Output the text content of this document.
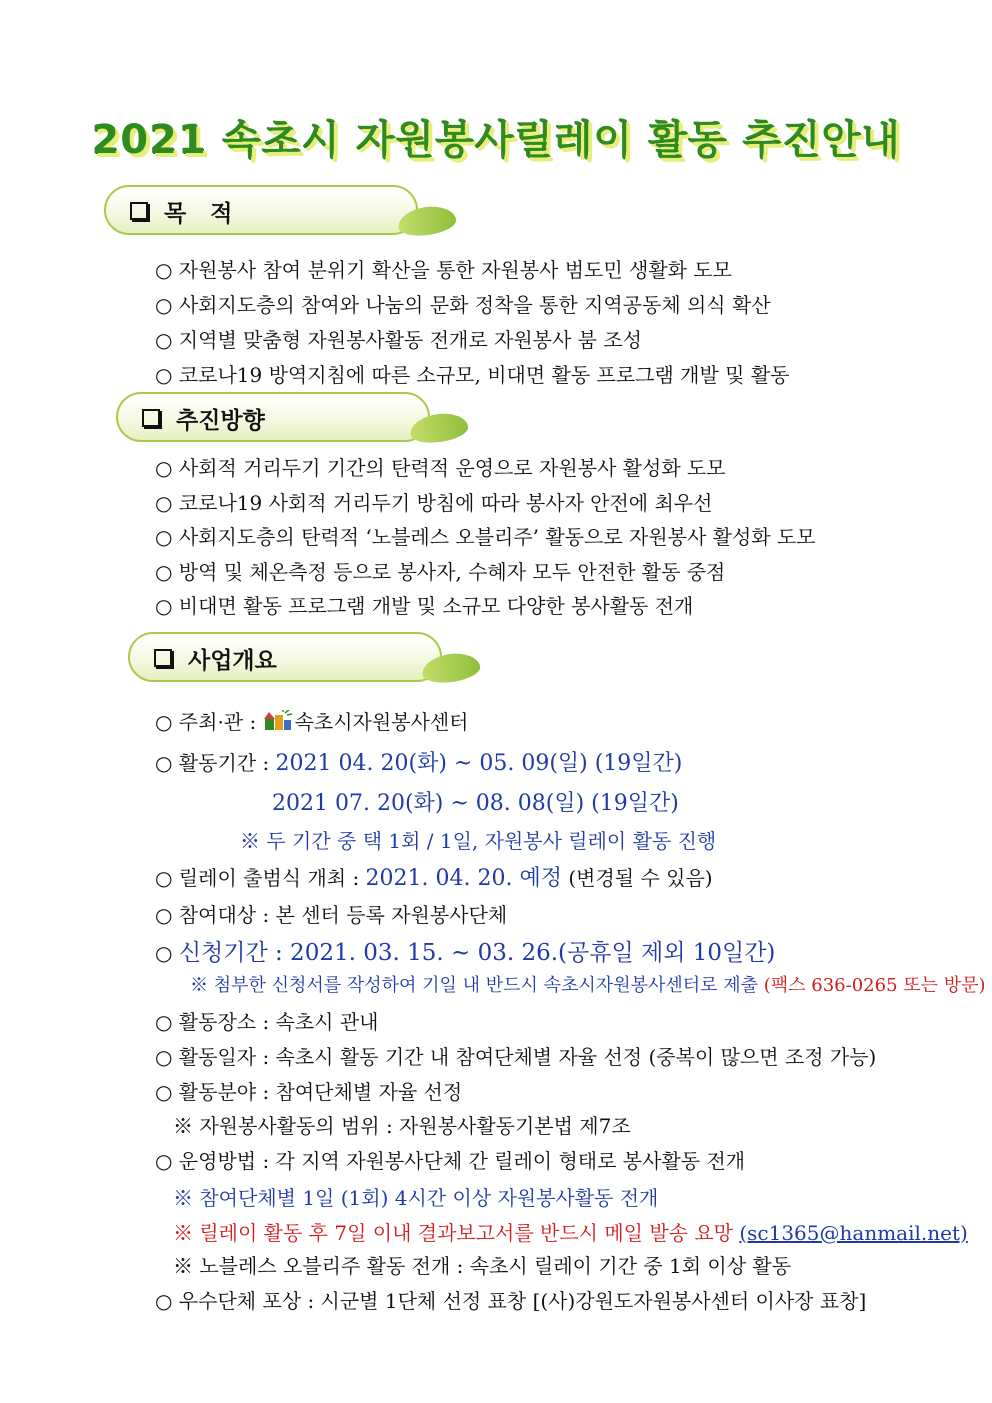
2021 속초시 자원봉사릴레이 활동 추진안내
목   적
○ 자원봉사 참여 분위기 확산을 통한 자원봉사 범도민 생활화 도모
○ 사회지도층의 참여와 나눔의 문화 정착을 통한 지역공동체 의식 확산
○ 지역별 맞춤형 자원봉사활동 전개로 자원봉사 붐 조성
○ 코로나19 방역지침에 따른 소규모, 비대면 활동 프로그램 개발 및 활동
추진방향
○ 사회적 거리두기 기간의 탄력적 운영으로 자원봉사 활성화 도모
○ 코로나19 사회적 거리두기 방침에 따라 봉사자 안전에 최우선
○ 사회지도층의 탄력적 ‘노블레스 오블리주’ 활동으로 자원봉사 활성화 도모
○ 방역 및 체온측정 등으로 봉사자, 수혜자 모두 안전한 활동 중점
○ 비대면 활동 프로그램 개발 및 소규모 다양한 봉사활동 전개
사업개요
○ 주최·관 : 속초시자원봉사센터
○ 활동기간 : 2021 04. 20(화) ~ 05. 09(일) (19일간)
2021 07. 20(화) ~ 08. 08(일) (19일간)
※ 두 기간 중 택 1회 / 1일, 자원봉사 릴레이 활동 진행
○ 릴레이 출범식 개최 : 2021. 04. 20. 예정 (변경될 수 있음)
○ 참여대상 : 본 센터 등록 자원봉사단체
○ 신청기간 : 2021. 03. 15. ~ 03. 26.(공휴일 제외 10일간)
※ 첨부한 신청서를 작성하여 기일 내 반드시 속초시자원봉사센터로 제출 (팩스 636-0265 또는 방문)
○ 활동장소 : 속초시 관내
○ 활동일자 : 속초시 활동 기간 내 참여단체별 자율 선정 (중복이 많으면 조정 가능)
○ 활동분야 : 참여단체별 자율 선정
※ 자원봉사활동의 범위 : 자원봉사활동기본법 제7조
○ 운영방법 : 각 지역 자원봉사단체 간 릴레이 형태로 봉사활동 전개
※ 참여단체별 1일 (1회) 4시간 이상 자원봉사활동 전개
※ 릴레이 활동 후 7일 이내 결과보고서를 반드시 메일 발송 요망 (sc1365@hanmail.net)
※ 노블레스 오블리주 활동 전개 : 속초시 릴레이 기간 중 1회 이상 활동
○ 우수단체 포상 : 시군별 1단체 선정 표창 [(사)강원도자원봉사센터 이사장 표창]
